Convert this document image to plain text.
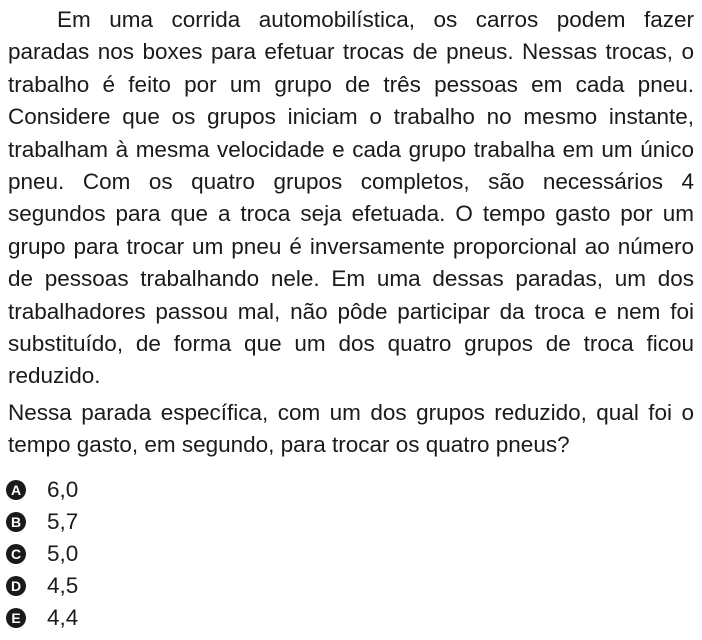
Em uma corrida automobilística, os carros podem fazer paradas nos boxes para efetuar trocas de pneus. Nessas trocas, o trabalho é feito por um grupo de três pessoas em cada pneu. Considere que os grupos iniciam o trabalho no mesmo instante, trabalham à mesma velocidade e cada grupo trabalha em um único pneu. Com os quatro grupos completos, são necessários 4 segundos para que a troca seja efetuada. O tempo gasto por um grupo para trocar um pneu é inversamente proporcional ao número de pessoas trabalhando nele. Em uma dessas paradas, um dos trabalhadores passou mal, não pôde participar da troca e nem foi substituído, de forma que um dos quatro grupos de troca ficou reduzido.

Nessa parada específica, com um dos grupos reduzido, qual foi o tempo gasto, em segundo, para trocar os quatro pneus?

A 6,0
B 5,7
C 5,0
D 4,5
E 4,4
